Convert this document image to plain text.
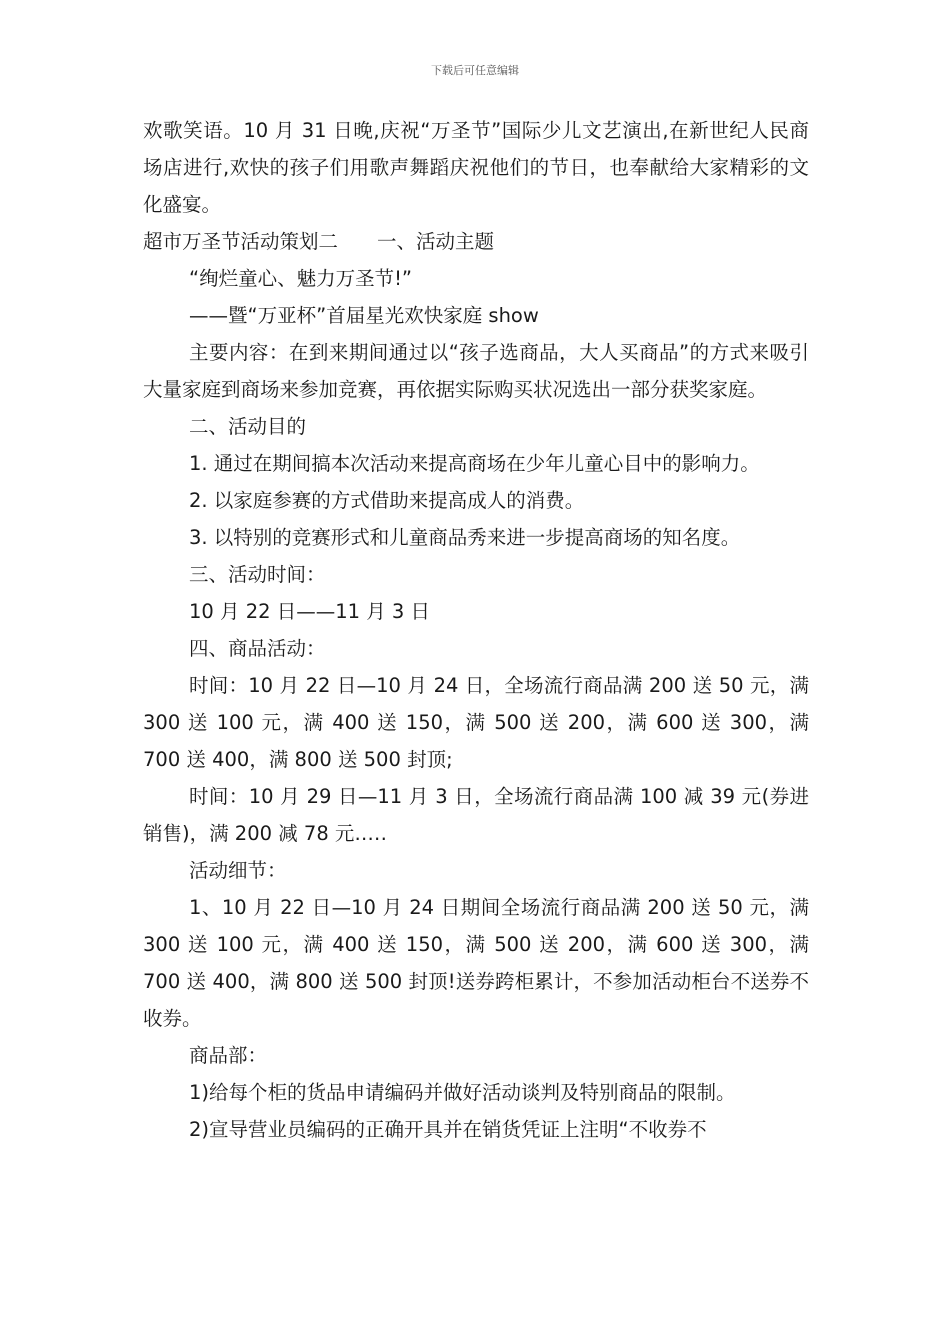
下载后可任意编辑

欢歌笑语。10 月 31 日晚,庆祝“万圣节”国际少儿文艺演出,在新世纪人民商场店进行,欢快的孩子们用歌声舞蹈庆祝他们的节日，也奉献给大家精彩的文化盛宴。

超市万圣节活动策划二　　一、活动主题

“绚烂童心、魅力万圣节!”

——暨“万亚杯”首届星光欢快家庭 show

主要内容：在到来期间通过以“孩子选商品，大人买商品”的方式来吸引大量家庭到商场来参加竞赛，再依据实际购买状况选出一部分获奖家庭。

二、活动目的

1. 通过在期间搞本次活动来提高商场在少年儿童心目中的影响力。

2. 以家庭参赛的方式借助来提高成人的消费。

3. 以特别的竞赛形式和儿童商品秀来进一步提高商场的知名度。

三、活动时间：

10 月 22 日——11 月 3 日

四、商品活动：

时间：10 月 22 日—10 月 24 日，全场流行商品满 200 送 50 元，满 300 送 100 元，满 400 送 150，满 500 送 200，满 600 送 300，满 700 送 400，满 800 送 500 封顶;

时间：10 月 29 日—11 月 3 日，全场流行商品满 100 减 39 元(券进销售)，满 200 减 78 元…․․

活动细节：

1、10 月 22 日—10 月 24 日期间全场流行商品满 200 送 50 元，满 300 送 100 元，满 400 送 150，满 500 送 200，满 600 送 300，满 700 送 400，满 800 送 500 封顶!送券跨柜累计，不参加活动柜台不送券不收券。

商品部：

1)给每个柜的货品申请编码并做好活动谈判及特别商品的限制。

2)宣导营业员编码的正确开具并在销货凭证上注明“不收券不
